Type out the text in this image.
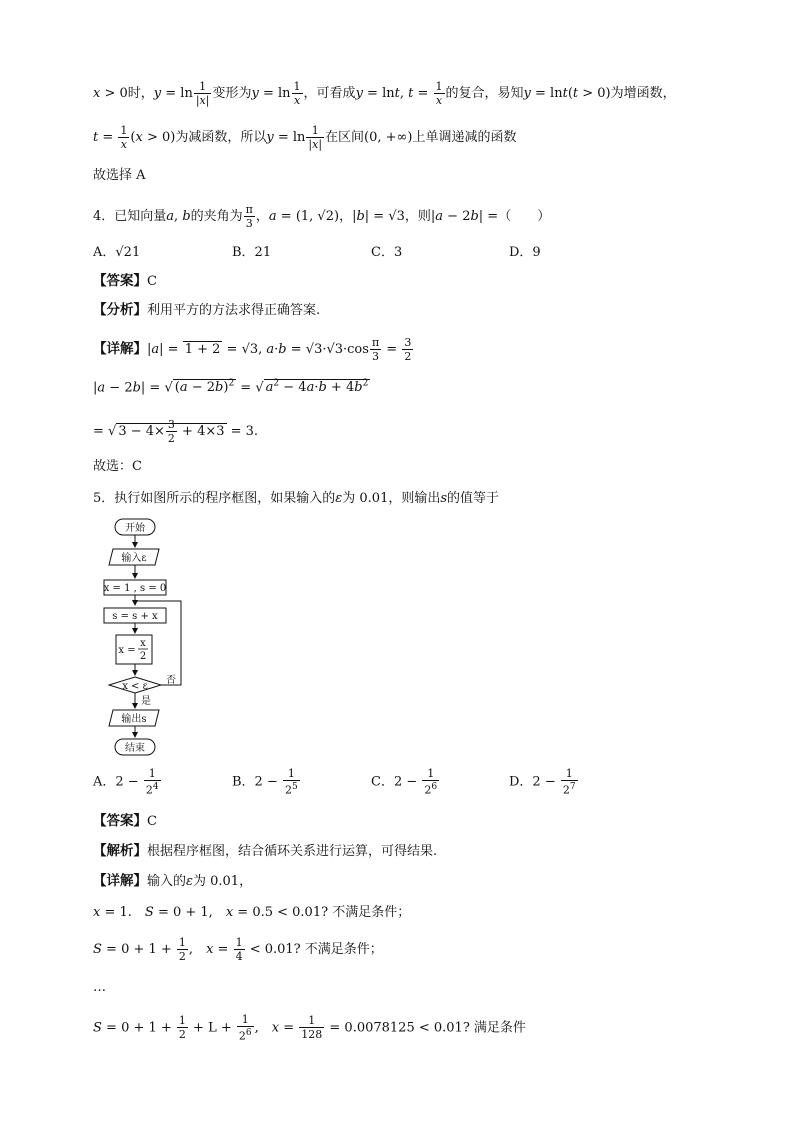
x > 0时，$y = \ln \frac{1}{|x|}$ 变形为$y = \ln \frac{1}{x}$ ，可看成y = lnt, $t = \frac{1}{x}$ 的复合，易知y = lnt(t > 0)为增函数，
$t = \frac{1}{x} (x > 0)$为减函数，所以$y = \ln \frac{1}{|x|}$ 在区间(0, +∞)上单调递减的函数
故选择 A
4．已知向量a, b的夹角为 $\frac{\pi}{3}$ ，a = (1, √2)，|b| = √3，则|a − 2b| =（　　）
A．√21	B．21	C．3	D．9
【答案】C
【分析】利用平方的方法求得正确答案.
【详解】|a| = 1 + 2 = √3, $a\cdot b = √3\cdot√3\cdot\cos \frac{\pi}{3} = \frac{3}{2}$
|a − 2b| = √ $(a - 2b)^2$ = √ $a^2 - 4a\cdot b + 4b^2$
= √ $3 - 4\times \frac{3}{2} + 4\times 3 = 3$.
故选：C
5．执行如图所示的程序框图，如果输入的ε为 0.01，则输出s的值等于
开始
输入ε
x = 1 , s = 0
s = s + x
x =
x
2
x < ε
否
是
输出s
结束
A．$2 - \frac{1}{2^4}$	B．$2 - \frac{1}{2^5}$	C．$2 - \frac{1}{2^6}$	D．$2 - \frac{1}{2^7}$
【答案】C
【解析】根据程序框图，结合循环关系进行运算，可得结果.
【详解】输入的ε为 0.01，
x = 1.　S = 0 + 1,　x = 0.5 < 0.01? 不满足条件；
$S = 0 + 1 + \frac{1}{2}$ ,　$x = \frac{1}{4} < 0.01$? 不满足条件；
…
$S = 0 + 1 + \frac{1}{2} + L + \frac{1}{2^6}$ ,　$x = \frac{1}{128} = 0.0078125 < 0.01$? 满足条件
